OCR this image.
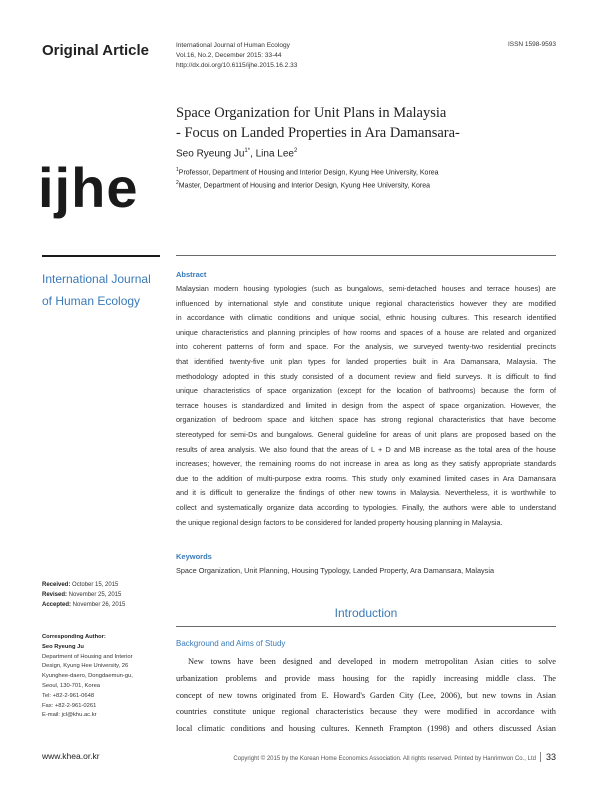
Original Article	International Journal of Human Ecology
Vol.16, No.2, December 2015: 33-44
http://dx.doi.org/10.6115/ijhe.2015.16.2.33
ISSN 1598-9593
Space Organization for Unit Plans in Malaysia
- Focus on Landed Properties in Ara Damansara-
Seo Ryeung $Ju^{1*}$, Lina Lee$^2$
$^1$Professor, Department of Housing and Interior Design, Kyung Hee University, Korea
$^2$Master, Department of Housing and Interior Design, Kyung Hee University, Korea
ijhe
International Journal
of Human Ecology
Abstract
Malaysian modern housing typologies (such as bungalows, semi-detached houses and terrace houses) are
influenced by international style and constitute unique regional characteristics however they are modified
in accordance with climatic conditions and unique social, ethnic housing cultures. This research identified
unique characteristics and planning principles of how rooms and spaces of a house are related and organized
into coherent patterns of form and space. For the analysis, we surveyed twenty-two residential precincts
that identified twenty-five unit plan types for landed properties built in Ara Damansara, Malaysia. The
methodology adopted in this study consisted of a document review and field surveys. It is difficult to find
unique characteristics of space organization (except for the location of bathrooms) because the form of
terrace houses is standardized and limited in design from the aspect of space organization. However, the
organization of bedroom space and kitchen space has strong regional characteristics that have become
stereotyped for semi-Ds and bungalows. General guideline for areas of unit plans are proposed based on the
results of area analysis. We also found that the areas of L + D and MB increase as the total area of the house
increases; however, the remaining rooms do not increase in area as long as they satisfy appropriate standards
due to the addition of multi-purpose extra rooms. This study only examined limited cases in Ara Damansara
and it is difficult to generalize the findings of other new towns in Malaysia. Nevertheless, it is worthwhile to
collect and systematically organize data according to typologies. Finally, the authors were able to understand
the unique regional design factors to be considered for landed property housing planning in Malaysia.
Keywords
Space Organization, Unit Planning, Housing Typology, Landed Property, Ara Damansara, Malaysia
Received: October 15, 2015
Revised: November 25, 2015
Accepted: November 26, 2015
Corresponding Author:
Seo Ryeung Ju
Department of Housing and Interior
Design, Kyung Hee University, 26
Kyunghee-daero, Dongdaemun-gu,
Seoul, 130-701, Korea
Tel: +82-2-961-0648
Fax: +82-2-961-0261
E-mail: jcl@khu.ac.kr
Introduction
Background and Aims of Study
New towns have been designed and developed in modern metropolitan Asian cities to solve
urbanization problems and provide mass housing for the rapidly increasing middle class. The
concept of new towns originated from E. Howard's Garden City (Lee, 2006), but new towns in Asian
countries constitute unique regional characteristics because they were modified in accordance with
local climatic conditions and housing cultures. Kenneth Frampton (1998) and others discussed Asian
www.khea.or.kr	Copyright © 2015 by the Korean Home Economics Association. All rights reserved. Printed by Hanrimwon Co., Ltd 33
